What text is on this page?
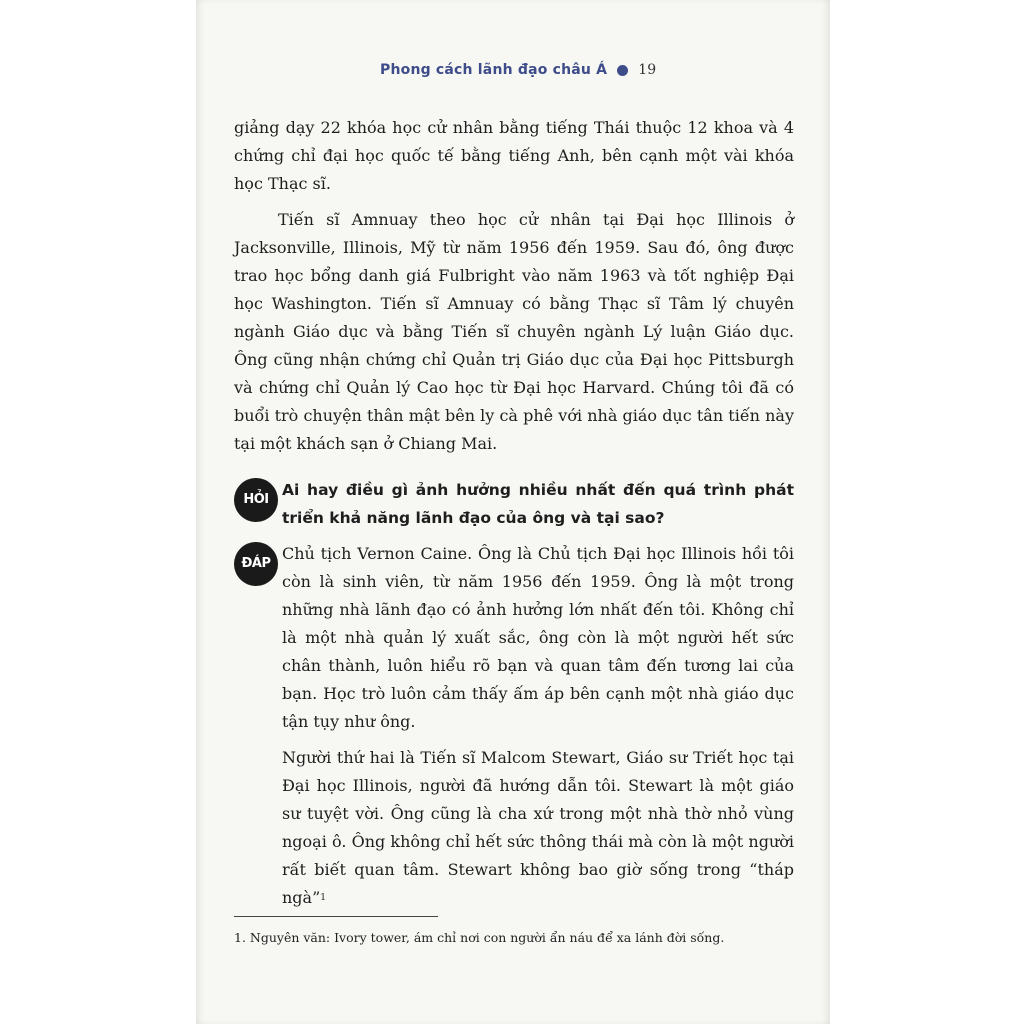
Phong cách lãnh đạo châu Á 19

giảng dạy 22 khóa học cử nhân bằng tiếng Thái thuộc 12 khoa và 4 chứng chỉ đại học quốc tế bằng tiếng Anh, bên cạnh một vài khóa học Thạc sĩ.

Tiến sĩ Amnuay theo học cử nhân tại Đại học Illinois ở Jacksonville, Illinois, Mỹ từ năm 1956 đến 1959. Sau đó, ông được trao học bổng danh giá Fulbright vào năm 1963 và tốt nghiệp Đại học Washington. Tiến sĩ Amnuay có bằng Thạc sĩ Tâm lý chuyên ngành Giáo dục và bằng Tiến sĩ chuyên ngành Lý luận Giáo dục. Ông cũng nhận chứng chỉ Quản trị Giáo dục của Đại học Pittsburgh và chứng chỉ Quản lý Cao học từ Đại học Harvard. Chúng tôi đã có buổi trò chuyện thân mật bên ly cà phê với nhà giáo dục tân tiến này tại một khách sạn ở Chiang Mai.

HỎI

Ai hay điều gì ảnh hưởng nhiều nhất đến quá trình phát triển khả năng lãnh đạo của ông và tại sao?

ĐÁP

Chủ tịch Vernon Caine. Ông là Chủ tịch Đại học Illinois hồi tôi còn là sinh viên, từ năm 1956 đến 1959. Ông là một trong những nhà lãnh đạo có ảnh hưởng lớn nhất đến tôi. Không chỉ là một nhà quản lý xuất sắc, ông còn là một người hết sức chân thành, luôn hiểu rõ bạn và quan tâm đến tương lai của bạn. Học trò luôn cảm thấy ấm áp bên cạnh một nhà giáo dục tận tụy như ông.

Người thứ hai là Tiến sĩ Malcom Stewart, Giáo sư Triết học tại Đại học Illinois, người đã hướng dẫn tôi. Stewart là một giáo sư tuyệt vời. Ông cũng là cha xứ trong một nhà thờ nhỏ vùng ngoại ô. Ông không chỉ hết sức thông thái mà còn là một người rất biết quan tâm. Stewart không bao giờ sống trong “tháp ngà”$^1$

1. Nguyên văn: Ivory tower, ám chỉ nơi con người ẩn náu để xa lánh đời sống.
